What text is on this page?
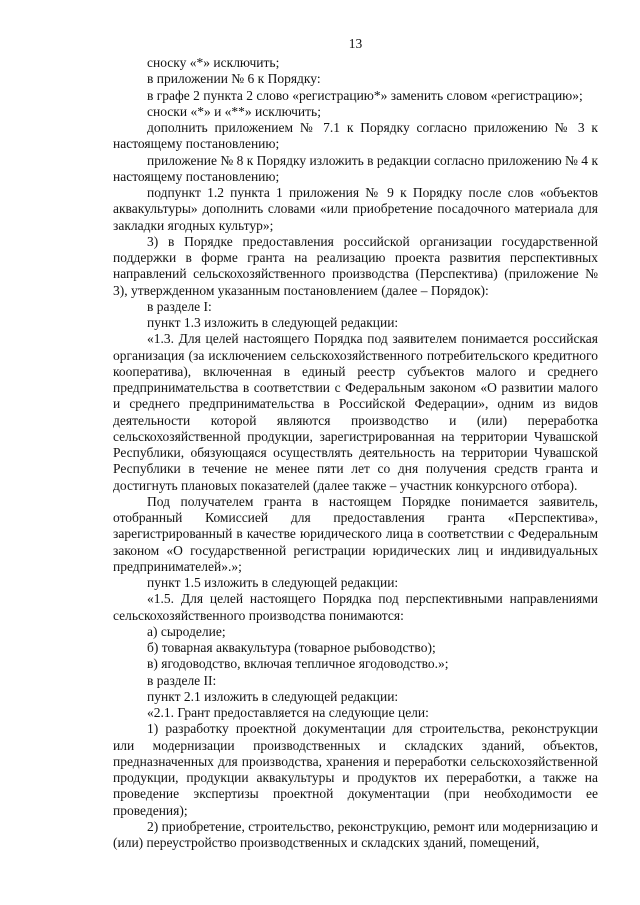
13

сноску «*» исключить;

в приложении № 6 к Порядку:

в графе 2 пункта 2 слово «регистрацию*» заменить словом «регистрацию»;

сноски «*» и «**» исключить;

дополнить приложением № 7.1 к Порядку согласно приложению № 3 к настоящему постановлению;

приложение № 8 к Порядку изложить в редакции согласно приложению № 4 к настоящему постановлению;

подпункт 1.2 пункта 1 приложения № 9 к Порядку после слов «объектов аквакультуры» дополнить словами «или приобретение посадочного материала для закладки ягодных культур»;

3) в Порядке предоставления российской организации государственной поддержки в форме гранта на реализацию проекта развития перспективных направлений сельскохозяйственного производства (Перспектива) (приложение № 3), утвержденном указанным постановлением (далее – Порядок):

в разделе I:

пункт 1.3 изложить в следующей редакции:

«1.3. Для целей настоящего Порядка под заявителем понимается российская организация (за исключением сельскохозяйственного потребительского кредитного кооператива), включенная в единый реестр субъектов малого и среднего предпринимательства в соответствии с Федеральным законом «О развитии малого и среднего предпринимательства в Российской Федерации», одним из видов деятельности которой являются производство и (или) переработка сельскохозяйственной продукции, зарегистрированная на территории Чувашской Республики, обязующаяся осуществлять деятельность на территории Чувашской Республики в течение не менее пяти лет со дня получения средств гранта и достигнуть плановых показателей (далее также – участник конкурсного отбора).

Под получателем гранта в настоящем Порядке понимается заявитель, отобранный Комиссией для предоставления гранта «Перспектива», зарегистрированный в качестве юридического лица в соответствии с Федеральным законом «О государственной регистрации юридических лиц и индивидуальных предпринимателей».»;

пункт 1.5 изложить в следующей редакции:

«1.5. Для целей настоящего Порядка под перспективными направлениями сельскохозяйственного производства понимаются:

а) сыроделие;

б) товарная аквакультура (товарное рыбоводство);

в) ягодоводство, включая тепличное ягодоводство.»;

в разделе II:

пункт 2.1 изложить в следующей редакции:

«2.1. Грант предоставляется на следующие цели:

1) разработку проектной документации для строительства, реконструкции или модернизации производственных и складских зданий, объектов, предназначенных для производства, хранения и переработки сельскохозяйственной продукции, продукции аквакультуры и продуктов их переработки, а также на проведение экспертизы проектной документации (при необходимости ее проведения);

2) приобретение, строительство, реконструкцию, ремонт или модернизацию и (или) переустройство производственных и складских зданий, помещений,
